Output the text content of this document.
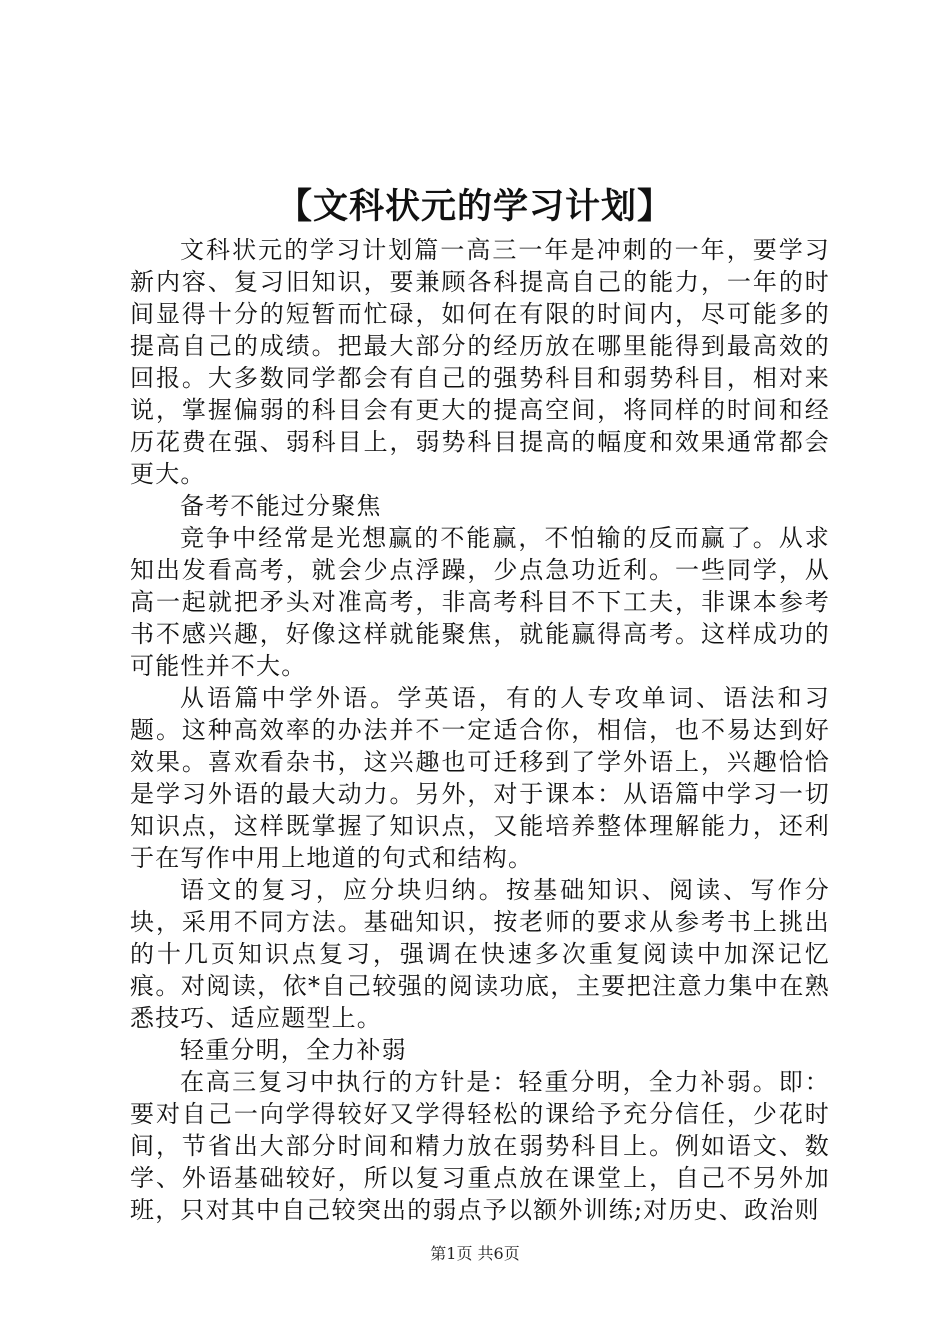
【文科状元的学习计划】

文科状元的学习计划篇一高三一年是冲刺的一年，要学习新内容、复习旧知识，要兼顾各科提高自己的能力，一年的时间显得十分的短暂而忙碌，如何在有限的时间内，尽可能多的提高自己的成绩。把最大部分的经历放在哪里能得到最高效的回报。大多数同学都会有自己的强势科目和弱势科目，相对来说，掌握偏弱的科目会有更大的提高空间，将同样的时间和经历花费在强、弱科目上，弱势科目提高的幅度和效果通常都会更大。

备考不能过分聚焦

竞争中经常是光想赢的不能赢，不怕输的反而赢了。从求知出发看高考，就会少点浮躁，少点急功近利。一些同学，从高一起就把矛头对准高考，非高考科目不下工夫，非课本参考书不感兴趣，好像这样就能聚焦，就能赢得高考。这样成功的可能性并不大。

从语篇中学外语。学英语，有的人专攻单词、语法和习题。这种高效率的办法并不一定适合你，相信，也不易达到好效果。喜欢看杂书，这兴趣也可迁移到了学外语上，兴趣恰恰是学习外语的最大动力。另外，对于课本：从语篇中学习一切知识点，这样既掌握了知识点，又能培养整体理解能力，还利于在写作中用上地道的句式和结构。

语文的复习，应分块归纳。按基础知识、阅读、写作分块，采用不同方法。基础知识，按老师的要求从参考书上挑出的十几页知识点复习，强调在快速多次重复阅读中加深记忆痕。对阅读，依*自己较强的阅读功底，主要把注意力集中在熟悉技巧、适应题型上。

轻重分明，全力补弱

在高三复习中执行的方针是：轻重分明，全力补弱。即：要对自己一向学得较好又学得轻松的课给予充分信任，少花时间，节省出大部分时间和精力放在弱势科目上。例如语文、数学、外语基础较好，所以复习重点放在课堂上，自己不另外加班，只对其中自己较突出的弱点予以额外训练;对历史、政治则

第1页 共6页
